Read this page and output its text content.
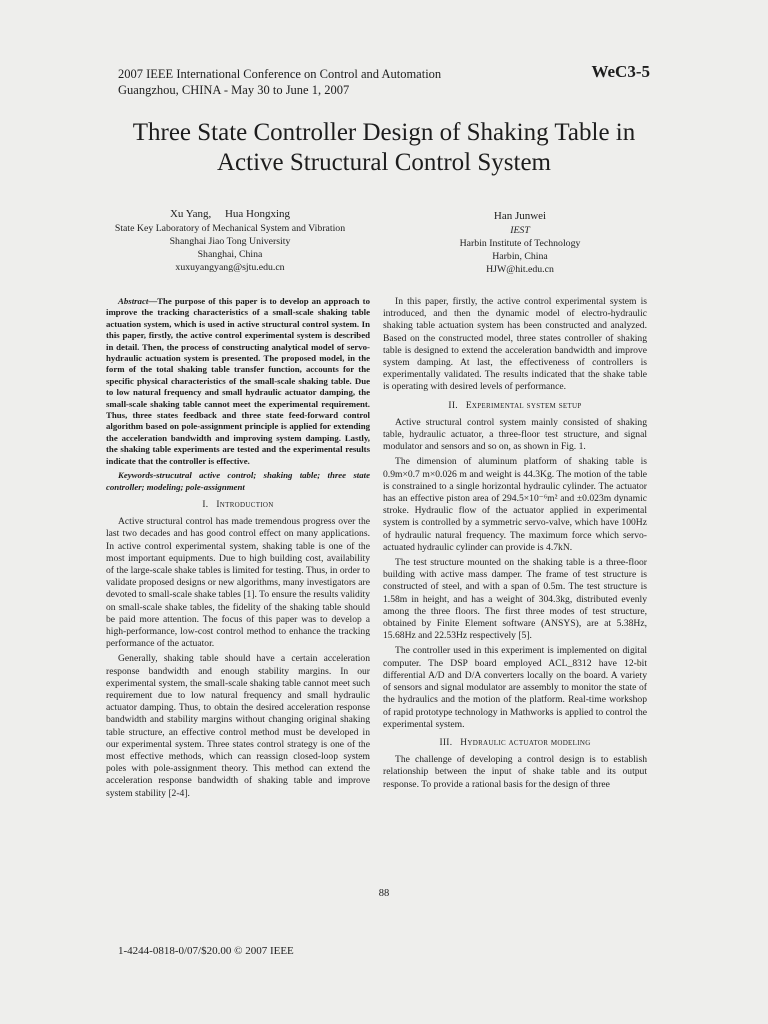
2007 IEEE International Conference on Control and Automation
Guangzhou, CHINA - May 30 to June 1, 2007
WeC3-5
Three State Controller Design of Shaking Table in
Active Structural Control System
Xu Yang,     Hua Hongxing
State Key Laboratory of Mechanical System and Vibration
Shanghai Jiao Tong University
Shanghai, China
xuxuyangyang@sjtu.edu.cn
Han Junwei
IEST
Harbin Institute of Technology
Harbin, China
HJW@hit.edu.cn

Abstract—The purpose of this paper is to develop an approach to improve the tracking characteristics of a small-scale shaking table actuation system, which is used in active structural control system. In this paper, firstly, the active control experimental system is described in detail. Then, the process of constructing analytical model of servo-hydraulic actuation system is presented. The proposed model, in the form of the total shaking table transfer function, accounts for the specific physical characteristics of the small-scale shaking table. Due to low natural frequency and small hydraulic actuator damping, the small-scale shaking table cannot meet the experimental requirement. Thus, three states feedback and three state feed-forward control algorithm based on pole-assignment principle is applied for extending the acceleration bandwidth and improving system damping. Lastly, the shaking table experiments are tested and the experimental results indicate that the controller is effective.

Keywords-strucutral active control; shaking table; three state controller; modeling; pole-assignment

I. Introduction

Active structural control has made tremendous progress over the last two decades and has good control effect on many applications. In active control experimental system, shaking table is one of the most important equipments. Due to high building cost, availability of the large-scale shake tables is limited for testing. Thus, in order to validate proposed designs or new algorithms, many investigators are devoted to small-scale shake tables [1]. To ensure the results validity on small-scale shake tables, the fidelity of the shaking table should be paid more attention. The focus of this paper was to develop a high-performance, low-cost control method to enhance the tracking performance of the actuator.

Generally, shaking table should have a certain acceleration response bandwidth and enough stability margins. In our experimental system, the small-scale shaking table cannot meet such requirement due to low natural frequency and small hydraulic actuator damping. Thus, to obtain the desired acceleration response bandwidth and stability margins without changing original shaking table structure, an effective control method must be developed in our experimental system. Three states control strategy is one of the most effective methods, which can reassign closed-loop system poles with pole-assignment theory. This method can extend the acceleration response bandwidth of shaking table and improve system stability [2-4].

In this paper, firstly, the active control experimental system is introduced, and then the dynamic model of electro-hydraulic shaking table actuation system has been constructed and analyzed. Based on the constructed model, three states controller of shaking table is designed to extend the acceleration bandwidth and improve system damping. At last, the effectiveness of controllers is experimentally validated. The results indicated that the shake table is operating with desired levels of performance.

II. Experimental system setup

Active structural control system mainly consisted of shaking table, hydraulic actuator, a three-floor test structure, and signal modulator and sensors and so on, as shown in Fig. 1.

The dimension of aluminum platform of shaking table is 0.9m×0.7 m×0.026 m and weight is 44.3Kg. The motion of the table is constrained to a single horizontal hydraulic cylinder. The actuator has an effective piston area of 294.5×10⁻⁶m² and ±0.023m dynamic stroke. Hydraulic flow of the actuator applied in experimental system is controlled by a symmetric servo-valve, which have 100Hz of hydraulic natural frequency. The maximum force which servo-actuated hydraulic cylinder can provide is 4.7kN.

The test structure mounted on the shaking table is a three-floor building with active mass damper. The frame of test structure is constructed of steel, and with a span of 0.5m. The test structure is 1.58m in height, and has a weight of 304.3kg, distributed evenly among the three floors. The first three modes of test structure, obtained by Finite Element software (ANSYS), are at 5.38Hz, 15.68Hz and 22.53Hz respectively [5].

The controller used in this experiment is implemented on digital computer. The DSP board employed ACL_8312 have 12-bit differential A/D and D/A converters locally on the board. A variety of sensors and signal modulator are assembly to monitor the state of the hydraulics and the motion of the platform. Real-time workshop of rapid prototype technology in Mathworks is applied to control the experimental system.

III. Hydraulic actuator modeling

The challenge of developing a control design is to establish relationship between the input of shake table and its output response. To provide a rational basis for the design of three

88
1-4244-0818-0/07/$20.00 © 2007 IEEE
